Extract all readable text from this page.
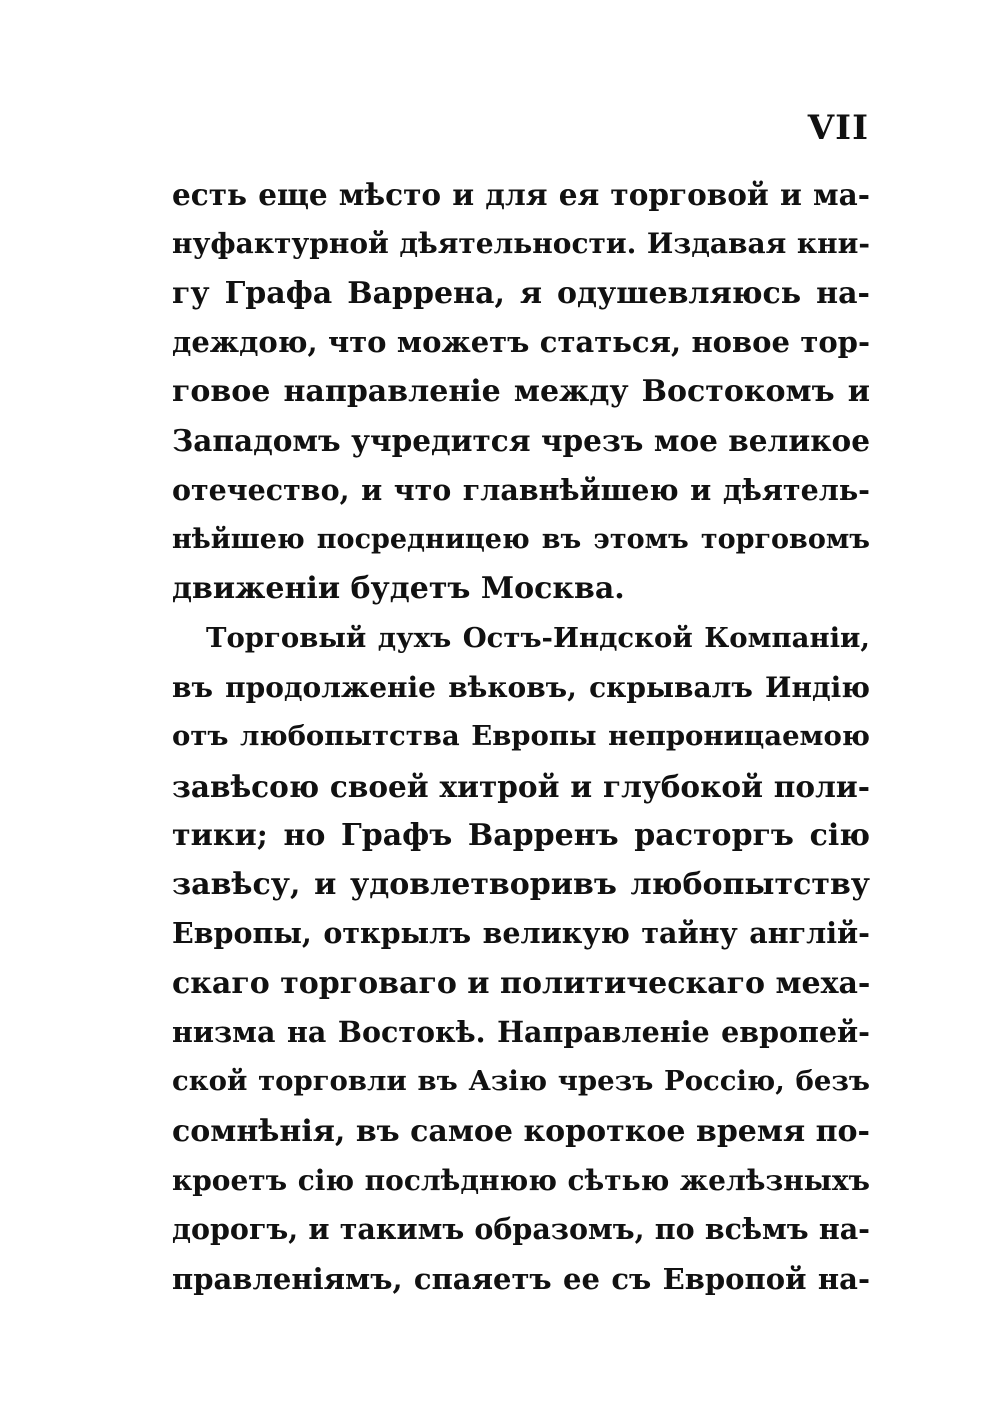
VII
есть еще мѣсто и для ея торговой и ма-
нуфактурной дѣятельности. Издавая кни-
гу Графа Варрена, я одушевляюсь на-
деждою, что можетъ статься, новое тор-
говое направленіе между Востокомъ и
Западомъ учредится чрезъ мое великое
отечество, и что главнѣйшею и дѣятель-
нѣйшею посредницею въ этомъ торговомъ
движеніи будетъ Москва.
Торговый духъ Остъ-Индской Компаніи,
въ продолженіе вѣковъ, скрывалъ Индію
отъ любопытства Европы непроницаемою
завѣсою своей хитрой и глубокой поли-
тики; но Графъ Варренъ расторгъ сію
завѣсу, и удовлетворивъ любопытству
Европы, открылъ великую тайну англій-
скаго торговаго и политическаго меха-
низма на Востокѣ. Направленіе европей-
ской торговли въ Азію чрезъ Россію, безъ
сомнѣнія, въ самое короткое время по-
кроетъ сію послѣднюю сѣтью желѣзныхъ
дорогъ, и такимъ образомъ, по всѣмъ на-
правленіямъ, спаяетъ ее съ Европой на-
